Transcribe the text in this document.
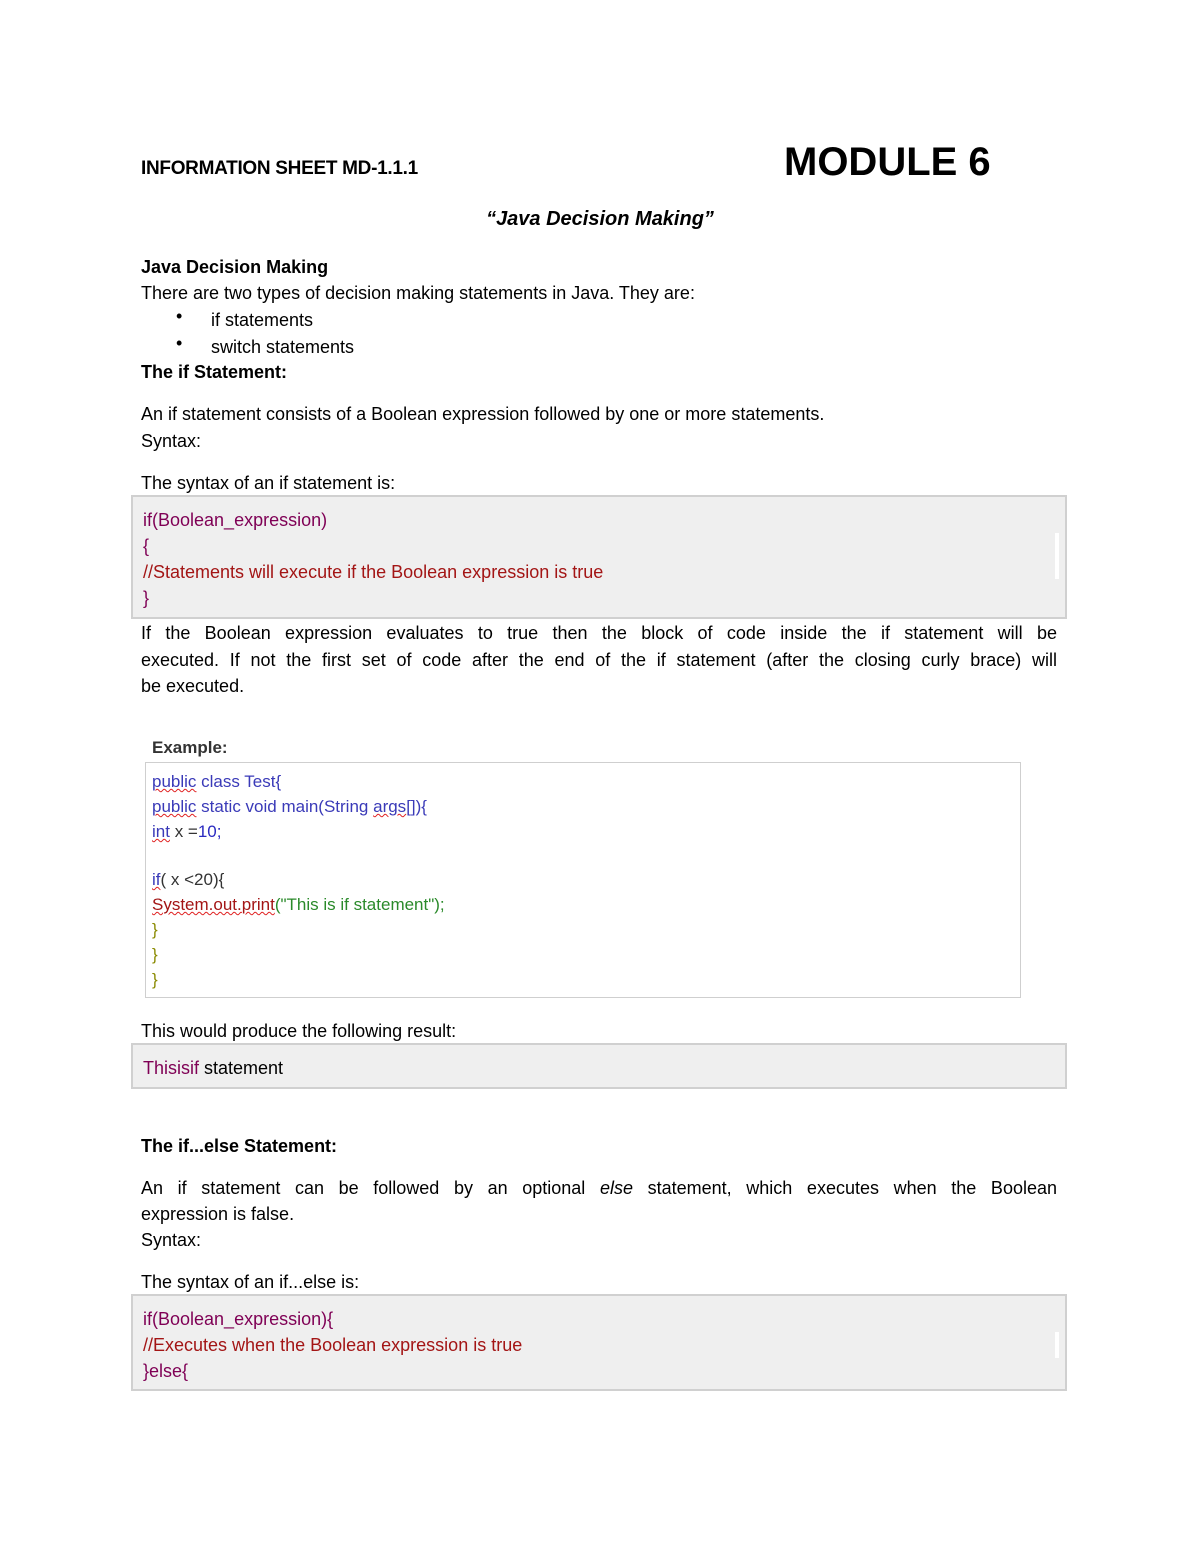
INFORMATION SHEET MD-1.1.1	MODULE 6
“Java Decision Making”
Java Decision Making
There are two types of decision making statements in Java. They are:
• if statements
• switch statements
The if Statement:
An if statement consists of a Boolean expression followed by one or more statements.
Syntax:
The syntax of an if statement is:
if(Boolean_expression)
{
//Statements will execute if the Boolean expression is true
}
If the Boolean expression evaluates to true then the block of code inside the if statement will be
executed. If not the first set of code after the end of the if statement (after the closing curly brace) will
be executed.
Example:
public class Test{
public static void main(String args[]){
int x =10;
if( x <20){
System.out.print("This is if statement");
}
}
}
This would produce the following result:
Thisisif statement
The if...else Statement:
An if statement can be followed by an optional else statement, which executes when the Boolean
expression is false.
Syntax:
The syntax of an if...else is:
if(Boolean_expression){
//Executes when the Boolean expression is true
}else{
